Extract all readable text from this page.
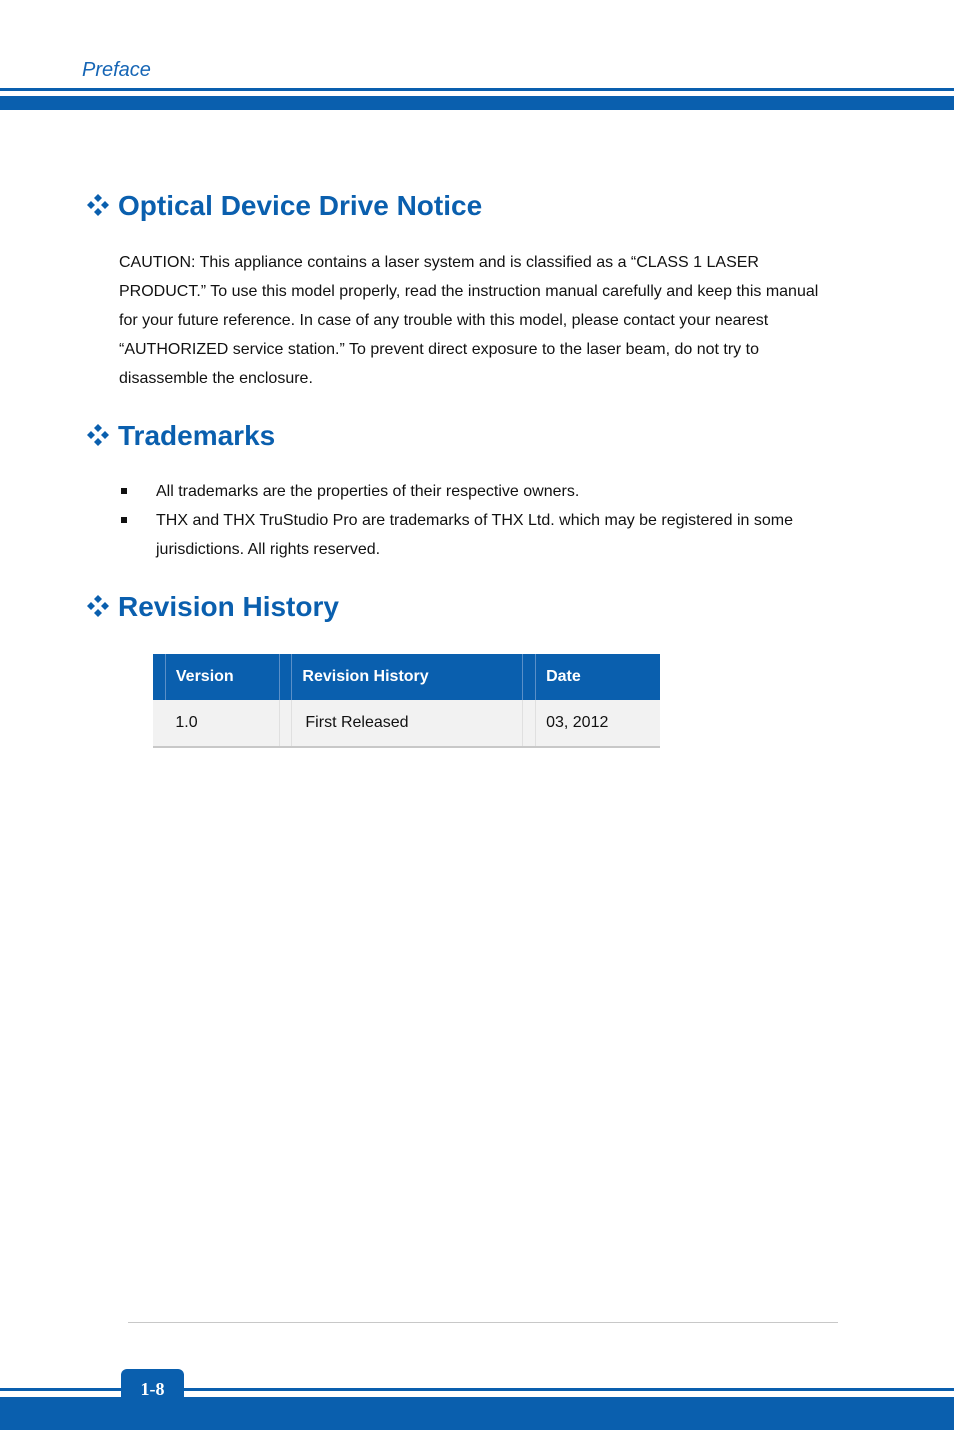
Preface
Optical Device Drive Notice
CAUTION: This appliance contains a laser system and is classified as a “CLASS 1 LASER PRODUCT.” To use this model properly, read the instruction manual carefully and keep this manual for your future reference. In case of any trouble with this model, please contact your nearest “AUTHORIZED service station.” To prevent direct exposure to the laser beam, do not try to disassemble the enclosure.
Trademarks
All trademarks are the properties of their respective owners.
THX and THX TruStudio Pro are trademarks of THX Ltd. which may be registered in some jurisdictions. All rights reserved.
Revision History
	Version		Revision History		Date
	1.0		First Released		03, 2012
1-8
